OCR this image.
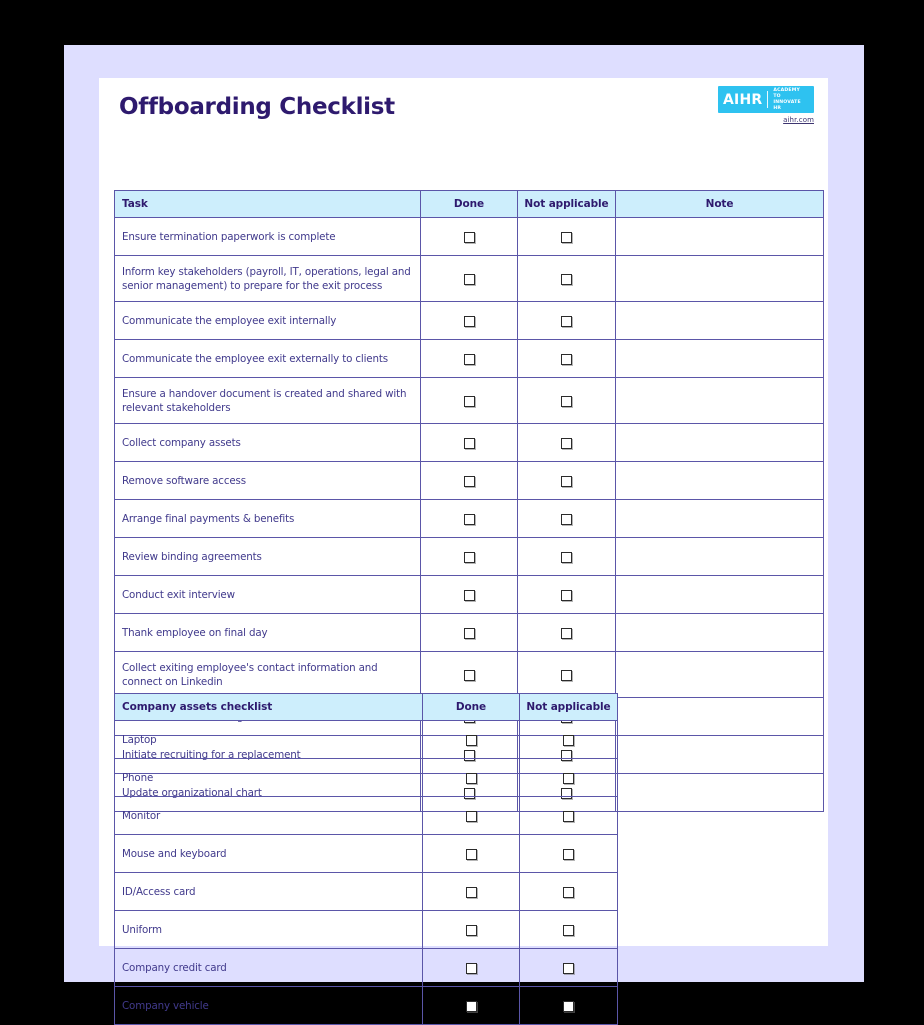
Offboarding Checklist	AIHR
ACADEMY TO
INNOVATE HR
aihr.com
Task	Done	Not applicable	Note
Ensure termination paperwork is complete			
Inform key stakeholders (payroll, IT, operations, legal and senior management) to prepare for the exit process			
Communicate the employee exit internally			
Communicate the employee exit externally to clients			
Ensure a handover document is created and shared with relevant stakeholders			
Collect company assets			
Remove software access			
Arrange final payments & benefits			
Review binding agreements			
Conduct exit interview			
Thank employee on final day			
Collect exiting employee's contact information and connect on Linkedin			

Initiate recruiting for a replacement			
Update organizational chart			
Company assets checklist	Done	Not applicable
Laptop		
Phone		
Monitor		
Mouse and keyboard		
ID/Access card		
Uniform		
Company credit card		
Company vehicle		
